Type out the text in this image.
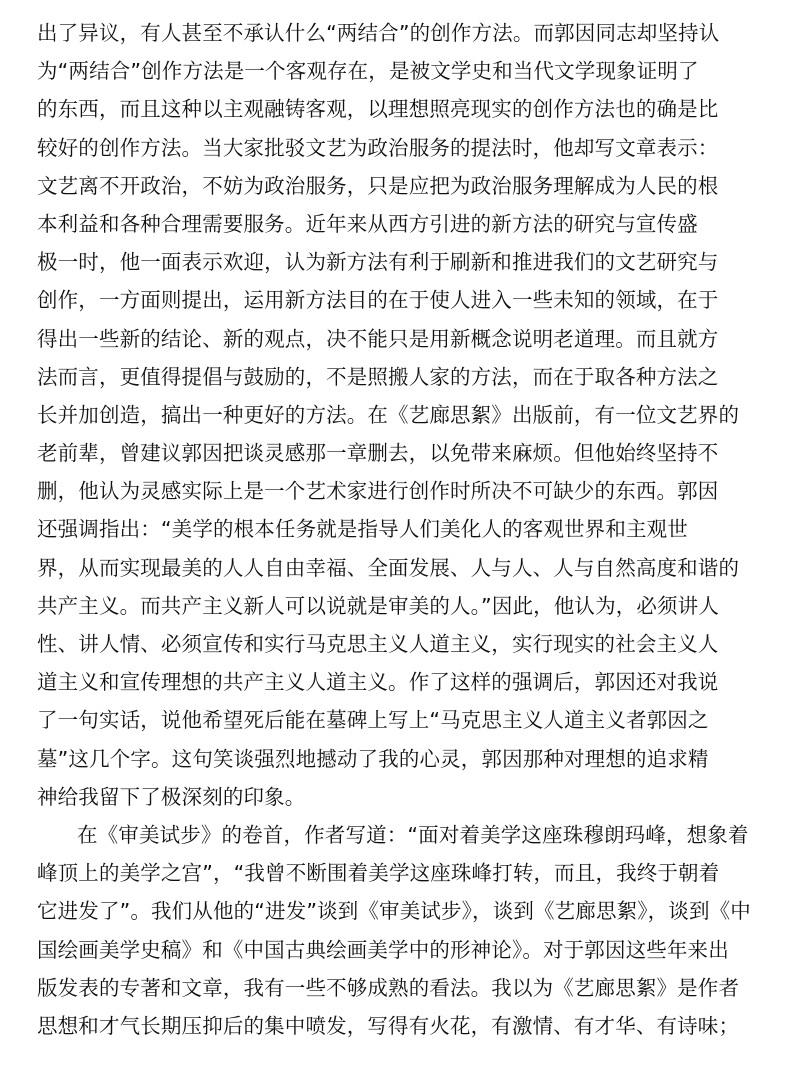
出了异议，有人甚至不承认什么“两结合”的创作方法。而郭因同志却坚持认
为“两结合”创作方法是一个客观存在，是被文学史和当代文学现象证明了
的东西，而且这种以主观融铸客观，以理想照亮现实的创作方法也的确是比
较好的创作方法。当大家批驳文艺为政治服务的提法时，他却写文章表示：
文艺离不开政治，不妨为政治服务，只是应把为政治服务理解成为人民的根
本利益和各种合理需要服务。近年来从西方引进的新方法的研究与宣传盛
极一时，他一面表示欢迎，认为新方法有利于刷新和推进我们的文艺研究与
创作，一方面则提出，运用新方法目的在于使人进入一些未知的领域，在于
得出一些新的结论、新的观点，决不能只是用新概念说明老道理。而且就方
法而言，更值得提倡与鼓励的，不是照搬人家的方法，而在于取各种方法之
长并加创造，搞出一种更好的方法。在《艺廊思絮》出版前，有一位文艺界的
老前辈，曾建议郭因把谈灵感那一章删去，以免带来麻烦。但他始终坚持不
删，他认为灵感实际上是一个艺术家进行创作时所决不可缺少的东西。郭因
还强调指出：“美学的根本任务就是指导人们美化人的客观世界和主观世
界，从而实现最美的人人自由幸福、全面发展、人与人、人与自然高度和谐的
共产主义。而共产主义新人可以说就是审美的人。”因此，他认为，必须讲人
性、讲人情、必须宣传和实行马克思主义人道主义，实行现实的社会主义人
道主义和宣传理想的共产主义人道主义。作了这样的强调后，郭因还对我说
了一句实话，说他希望死后能在墓碑上写上“马克思主义人道主义者郭因之
墓”这几个字。这句笑谈强烈地撼动了我的心灵，郭因那种对理想的追求精
神给我留下了极深刻的印象。
在《审美试步》的卷首，作者写道：“面对着美学这座珠穆朗玛峰，想象着
峰顶上的美学之宫”，“我曾不断围着美学这座珠峰打转，而且，我终于朝着
它进发了”。我们从他的“进发”谈到《审美试步》，谈到《艺廊思絮》，谈到《中
国绘画美学史稿》和《中国古典绘画美学中的形神论》。对于郭因这些年来出
版发表的专著和文章，我有一些不够成熟的看法。我以为《艺廊思絮》是作者
思想和才气长期压抑后的集中喷发，写得有火花，有激情、有才华、有诗味；
